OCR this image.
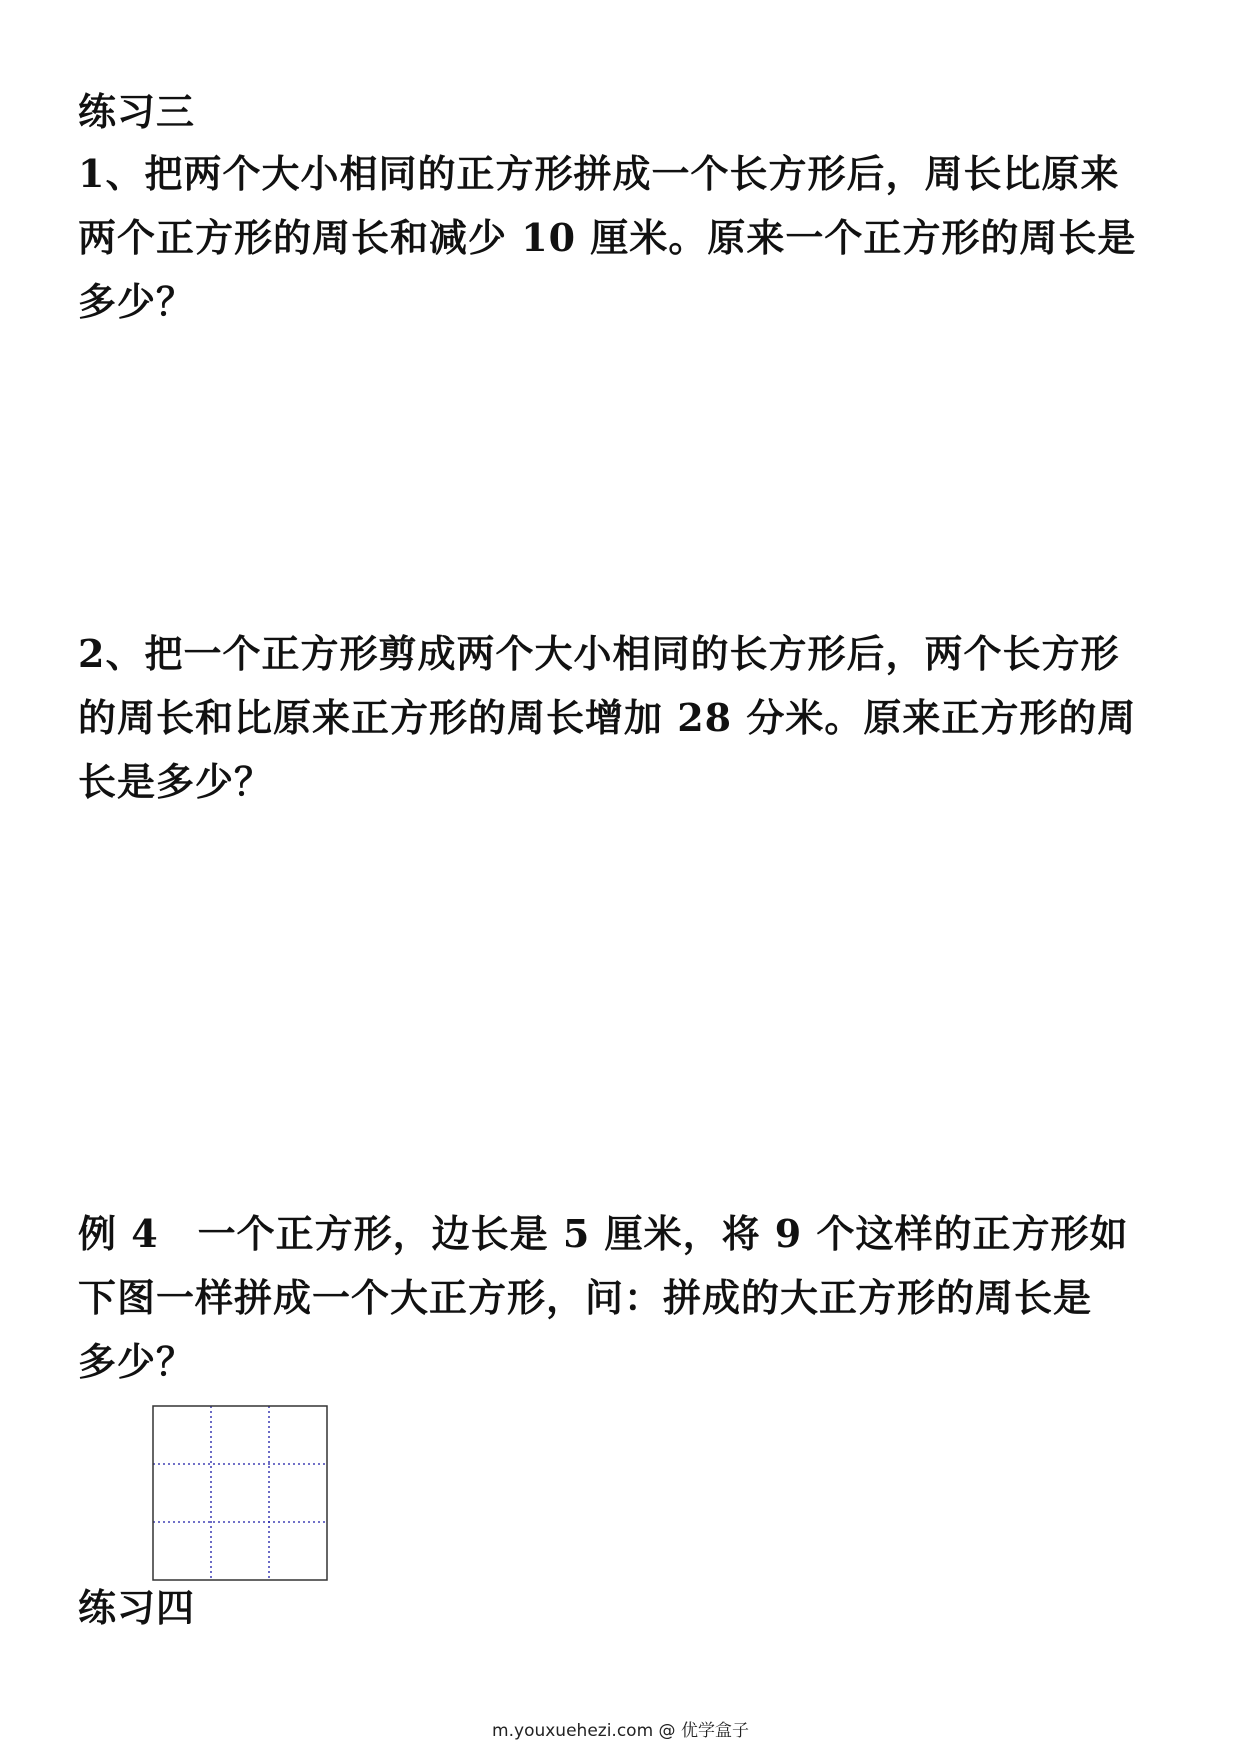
练习三
1、把两个大小相同的正方形拼成一个长方形后，周长比原来
两个正方形的周长和减少 10 厘米。原来一个正方形的周长是
多少？
2、把一个正方形剪成两个大小相同的长方形后，两个长方形
的周长和比原来正方形的周长增加 28 分米。原来正方形的周
长是多少？
例 4　一个正方形，边长是 5 厘米，将 9 个这样的正方形如
下图一样拼成一个大正方形，问：拼成的大正方形的周长是
多少？
练习四
m.youxuehezi.com @ 优学盒子
